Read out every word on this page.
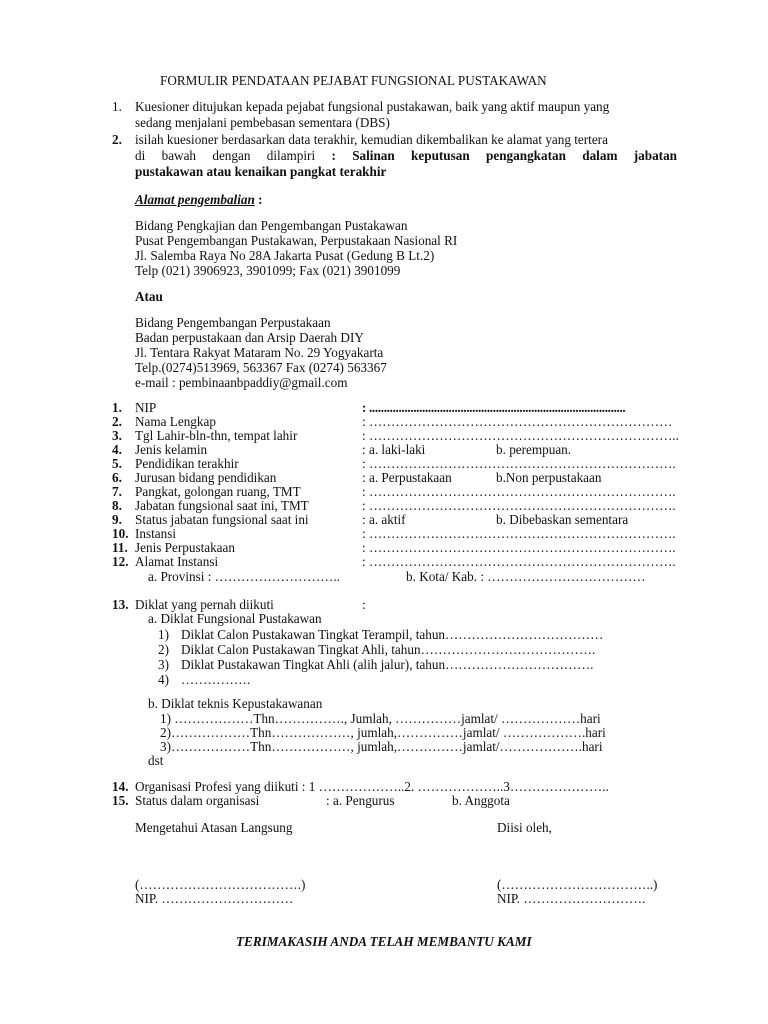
FORMULIR PENDATAAN PEJABAT FUNGSIONAL PUSTAKAWAN
1. Kuesioner ditujukan kepada pejabat fungsional pustakawan, baik yang aktif maupun yang
sedang menjalani pembebasan sementara (DBS)
2. isilah kuesioner berdasarkan data terakhir, kemudian dikembalikan ke alamat yang tertera
di bawah dengan dilampiri : Salinan keputusan pengangkatan dalam jabatan
pustakawan atau kenaikan pangkat terakhir
Alamat pengembalian :
Bidang Pengkajian dan Pengembangan Pustakawan
Pusat Pengembangan Pustakawan, Perpustakaan Nasional RI
Jl. Salemba Raya No 28A Jakarta Pusat (Gedung B Lt.2)
Telp (021) 3906923, 3901099; Fax (021) 3901099
Atau
Bidang Pengembangan Perpustakaan
Badan perpustakaan dan Arsip Daerah DIY
Jl. Tentara Rakyat Mataram No. 29 Yogyakarta
Telp.(0274)513969, 563367 Fax (0274) 563367
e-mail : pembinaanbpaddiy@gmail.com
1. NIP	: .......................................................................................
2. Nama Lengkap	: ……………………………………………………………
3. Tgl Lahir-bln-thn, tempat lahir	: ……………………………………………………………..
4. Jenis kelamin	: a. laki-laki	b. perempuan.
5. Pendidikan terakhir	: …………………………………………………………….
6. Jurusan bidang pendidikan	: a. Perpustakaan	b.Non perpustakaan
7. Pangkat, golongan ruang, TMT	: …………………………………………………………….
8. Jabatan fungsional saat ini, TMT	: …………………………………………………………….
9. Status jabatan fungsional saat ini	: a. aktif	b. Dibebaskan sementara
10. Instansi	: …………………………………………………………….
11. Jenis Perpustakaan	: …………………………………………………………….
12. Alamat Instansi	: …………………………………………………………….
a. Provinsi : ………………………..	b. Kota/ Kab. : ………………………………
13. Diklat yang pernah diikuti	:
a. Diklat Fungsional Pustakawan
1) Diklat Calon Pustakawan Tingkat Terampil, tahun………………………………
2) Diklat Calon Pustakawan Tingkat Ahli, tahun………………………………….
3) Diklat Pustakawan Tingkat Ahli (alih jalur), tahun…………………………….
4) …………….
b. Diklat teknis Kepustakawanan
1) ………………Thn……………., Jumlah, ……………jamlat/ ………………hari
2)………………Thn………………, jumlah,……………jamlat/ ……………….hari
3)………………Thn………………, jumlah,……………jamlat/……………….hari
dst
14. Organisasi Profesi yang diikuti : 1 ………………..2. ………………..3…………………..
15. Status dalam organisasi	: a. Pengurus	b. Anggota
Mengetahui Atasan Langsung	Diisi oleh,
(……………………………….)	(……………………………..)
NIP. …………………………	NIP. ……………………….
TERIMAKASIH ANDA TELAH MEMBANTU KAMI
